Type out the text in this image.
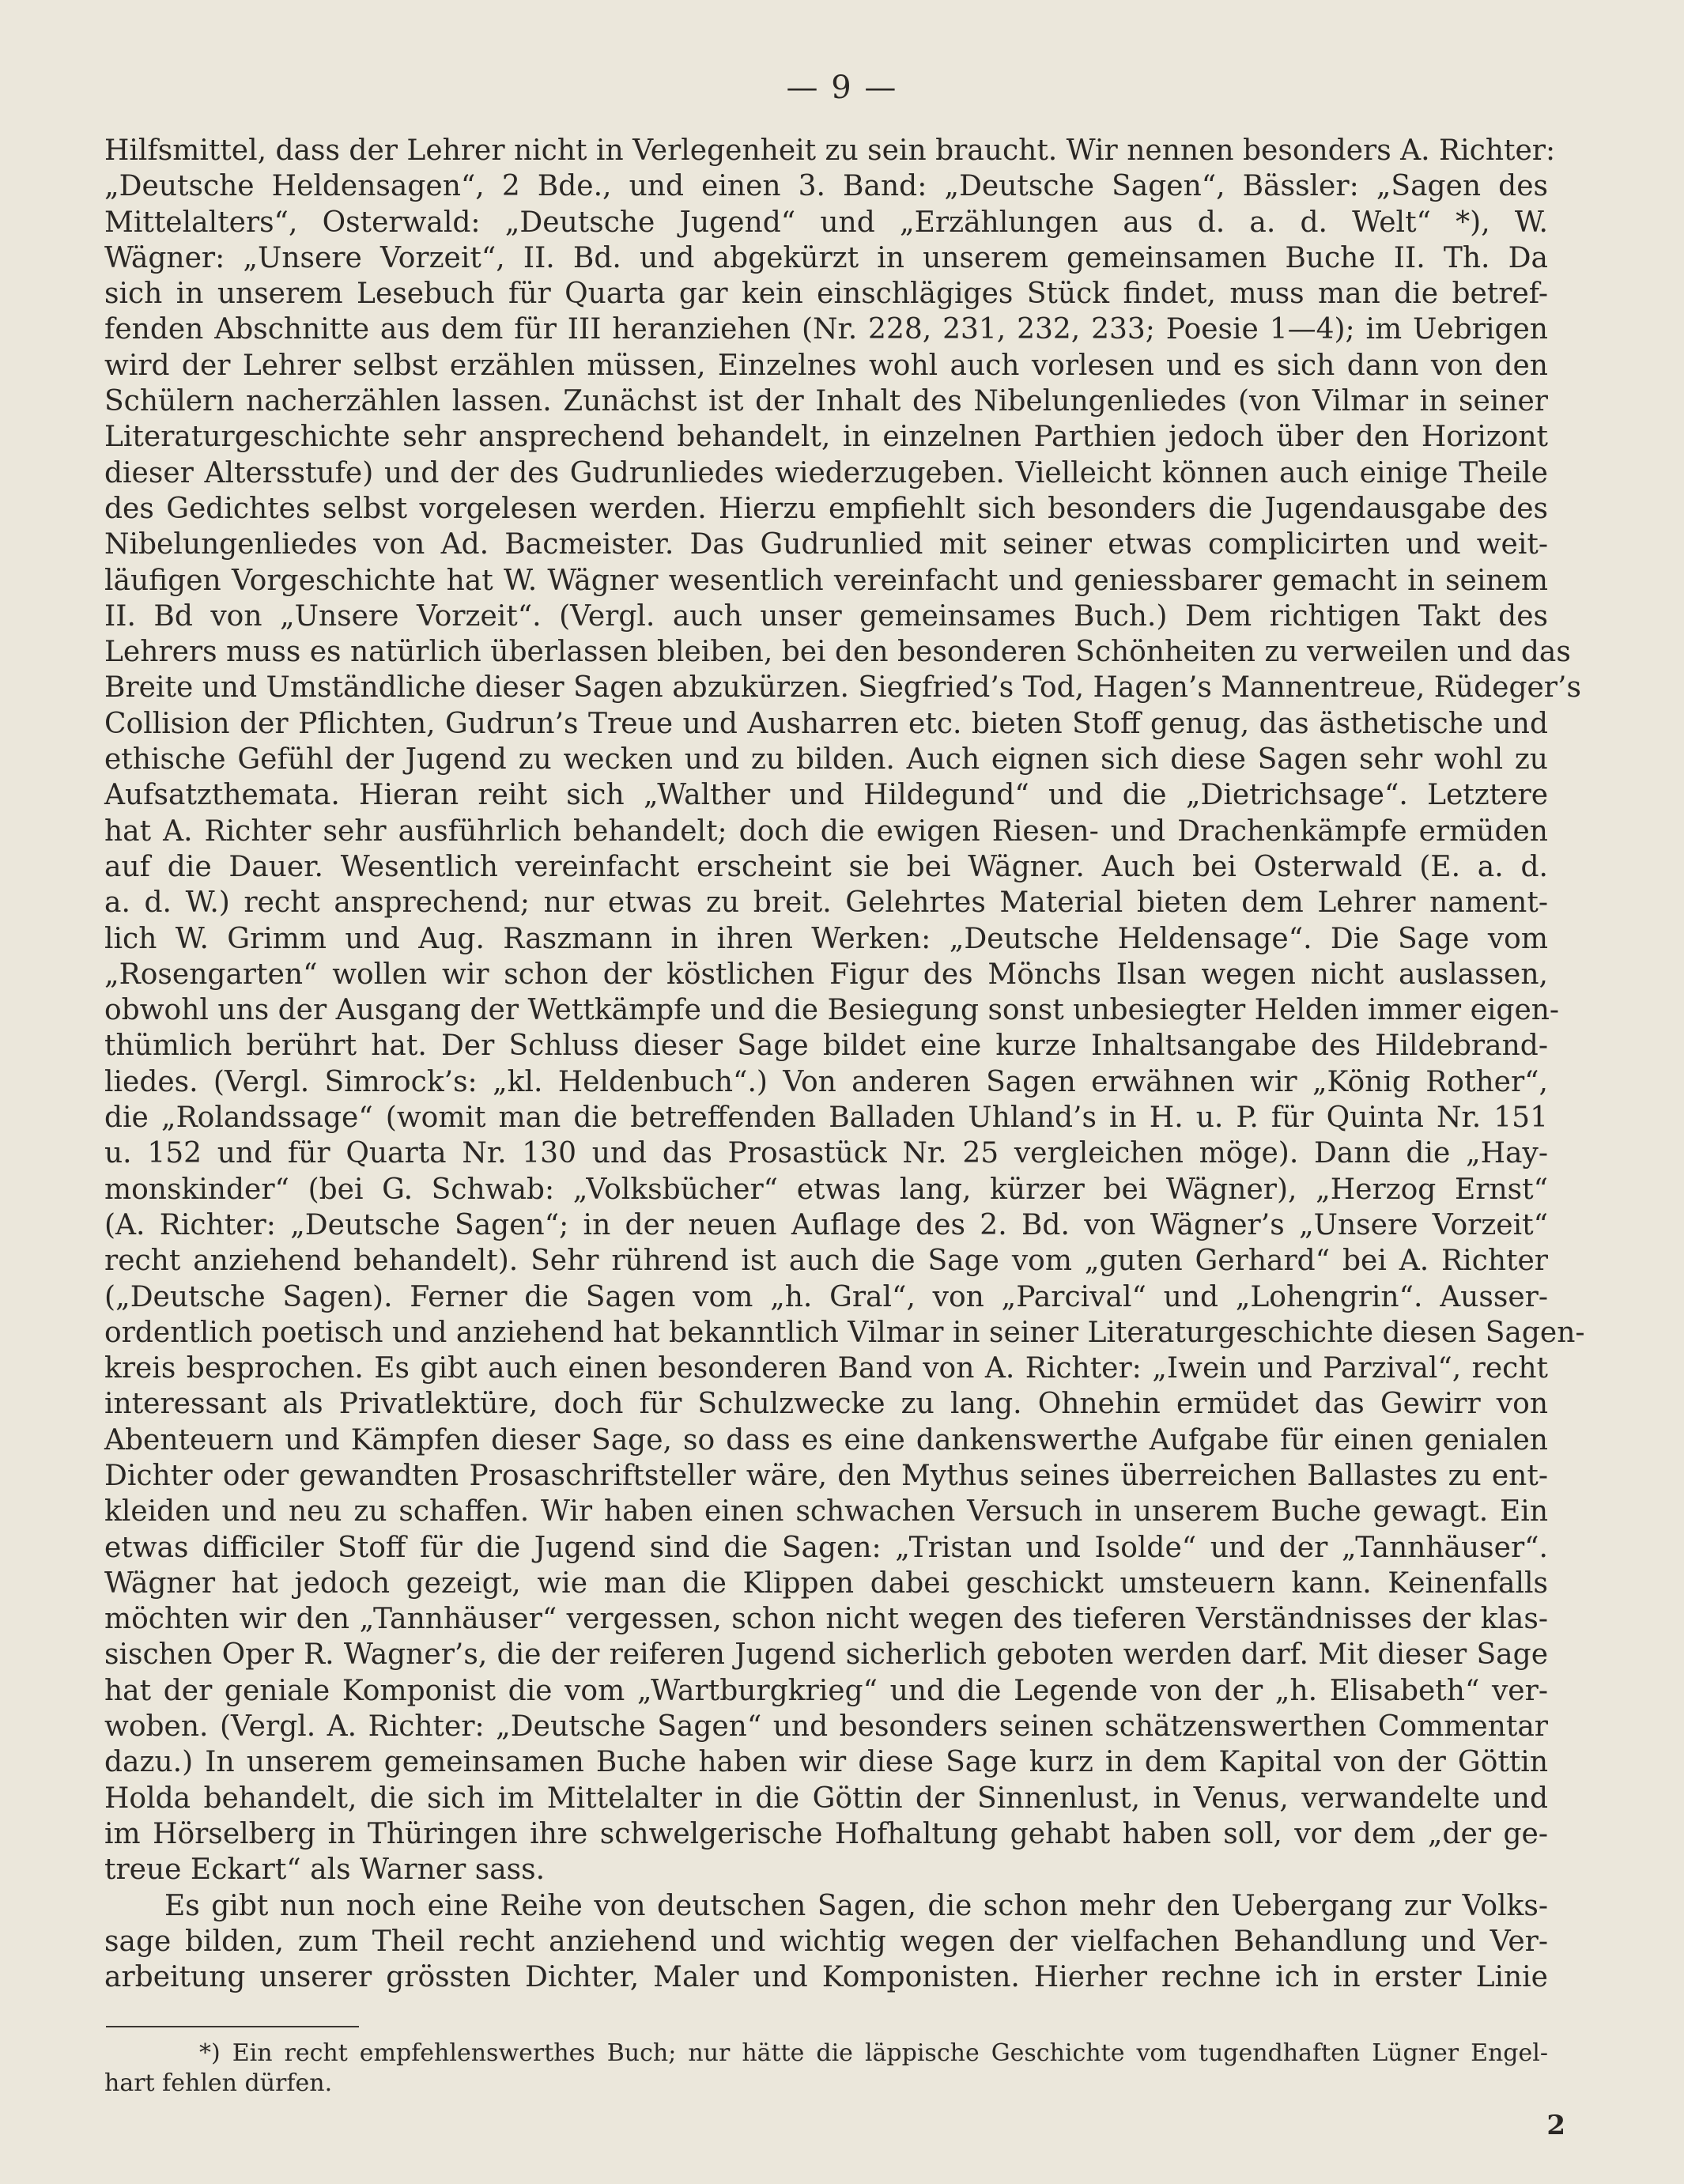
— 9 —
Hilfsmittel, dass der Lehrer nicht in Verlegenheit zu sein braucht. Wir nennen besonders A. Richter:
„Deutsche Heldensagen“, 2 Bde., und einen 3. Band: „Deutsche Sagen“, Bässler: „Sagen des
Mittelalters“, Osterwald: „Deutsche Jugend“ und „Erzählungen aus d. a. d. Welt“ *), W.
Wägner: „Unsere Vorzeit“, II. Bd. und abgekürzt in unserem gemeinsamen Buche II. Th. Da
sich in unserem Lesebuch für Quarta gar kein einschlägiges Stück findet, muss man die betref-
fenden Abschnitte aus dem für III heranziehen (Nr. 228, 231, 232, 233; Poesie 1—4); im Uebrigen
wird der Lehrer selbst erzählen müssen, Einzelnes wohl auch vorlesen und es sich dann von den
Schülern nacherzählen lassen. Zunächst ist der Inhalt des Nibelungenliedes (von Vilmar in seiner
Literaturgeschichte sehr ansprechend behandelt, in einzelnen Parthien jedoch über den Horizont
dieser Altersstufe) und der des Gudrunliedes wiederzugeben. Vielleicht können auch einige Theile
des Gedichtes selbst vorgelesen werden. Hierzu empfiehlt sich besonders die Jugendausgabe des
Nibelungenliedes von Ad. Bacmeister. Das Gudrunlied mit seiner etwas complicirten und weit-
läufigen Vorgeschichte hat W. Wägner wesentlich vereinfacht und geniessbarer gemacht in seinem
II. Bd von „Unsere Vorzeit“. (Vergl. auch unser gemeinsames Buch.) Dem richtigen Takt des
Lehrers muss es natürlich überlassen bleiben, bei den besonderen Schönheiten zu verweilen und das
Breite und Umständliche dieser Sagen abzukürzen. Siegfried’s Tod, Hagen’s Mannentreue, Rüdeger’s
Collision der Pflichten, Gudrun’s Treue und Ausharren etc. bieten Stoff genug, das ästhetische und
ethische Gefühl der Jugend zu wecken und zu bilden. Auch eignen sich diese Sagen sehr wohl zu
Aufsatzthemata. Hieran reiht sich „Walther und Hildegund“ und die „Dietrichsage“. Letztere
hat A. Richter sehr ausführlich behandelt; doch die ewigen Riesen- und Drachenkämpfe ermüden
auf die Dauer. Wesentlich vereinfacht erscheint sie bei Wägner. Auch bei Osterwald (E. a. d.
a. d. W.) recht ansprechend; nur etwas zu breit. Gelehrtes Material bieten dem Lehrer nament-
lich W. Grimm und Aug. Raszmann in ihren Werken: „Deutsche Heldensage“. Die Sage vom
„Rosengarten“ wollen wir schon der köstlichen Figur des Mönchs Ilsan wegen nicht auslassen,
obwohl uns der Ausgang der Wettkämpfe und die Besiegung sonst unbesiegter Helden immer eigen-
thümlich berührt hat. Der Schluss dieser Sage bildet eine kurze Inhaltsangabe des Hildebrand-
liedes. (Vergl. Simrock’s: „kl. Heldenbuch“.) Von anderen Sagen erwähnen wir „König Rother“,
die „Rolandssage“ (womit man die betreffenden Balladen Uhland’s in H. u. P. für Quinta Nr. 151
u. 152 und für Quarta Nr. 130 und das Prosastück Nr. 25 vergleichen möge). Dann die „Hay-
monskinder“ (bei G. Schwab: „Volksbücher“ etwas lang, kürzer bei Wägner), „Herzog Ernst“
(A. Richter: „Deutsche Sagen“; in der neuen Auflage des 2. Bd. von Wägner’s „Unsere Vorzeit“
recht anziehend behandelt). Sehr rührend ist auch die Sage vom „guten Gerhard“ bei A. Richter
(„Deutsche Sagen). Ferner die Sagen vom „h. Gral“, von „Parcival“ und „Lohengrin“. Ausser-
ordentlich poetisch und anziehend hat bekanntlich Vilmar in seiner Literaturgeschichte diesen Sagen-
kreis besprochen. Es gibt auch einen besonderen Band von A. Richter: „Iwein und Parzival“, recht
interessant als Privatlektüre, doch für Schulzwecke zu lang. Ohnehin ermüdet das Gewirr von
Abenteuern und Kämpfen dieser Sage, so dass es eine dankenswerthe Aufgabe für einen genialen
Dichter oder gewandten Prosaschriftsteller wäre, den Mythus seines überreichen Ballastes zu ent-
kleiden und neu zu schaffen. Wir haben einen schwachen Versuch in unserem Buche gewagt. Ein
etwas difficiler Stoff für die Jugend sind die Sagen: „Tristan und Isolde“ und der „Tannhäuser“.
Wägner hat jedoch gezeigt, wie man die Klippen dabei geschickt umsteuern kann. Keinenfalls
möchten wir den „Tannhäuser“ vergessen, schon nicht wegen des tieferen Verständnisses der klas-
sischen Oper R. Wagner’s, die der reiferen Jugend sicherlich geboten werden darf. Mit dieser Sage
hat der geniale Komponist die vom „Wartburgkrieg“ und die Legende von der „h. Elisabeth“ ver-
woben. (Vergl. A. Richter: „Deutsche Sagen“ und besonders seinen schätzenswerthen Commentar
dazu.) In unserem gemeinsamen Buche haben wir diese Sage kurz in dem Kapital von der Göttin
Holda behandelt, die sich im Mittelalter in die Göttin der Sinnenlust, in Venus, verwandelte und
im Hörselberg in Thüringen ihre schwelgerische Hofhaltung gehabt haben soll, vor dem „der ge-
treue Eckart“ als Warner sass.
Es gibt nun noch eine Reihe von deutschen Sagen, die schon mehr den Uebergang zur Volks-
sage bilden, zum Theil recht anziehend und wichtig wegen der vielfachen Behandlung und Ver-
arbeitung unserer grössten Dichter, Maler und Komponisten. Hierher rechne ich in erster Linie
*) Ein recht empfehlenswerthes Buch; nur hätte die läppische Geschichte vom tugendhaften Lügner Engel-
hart fehlen dürfen.
2
